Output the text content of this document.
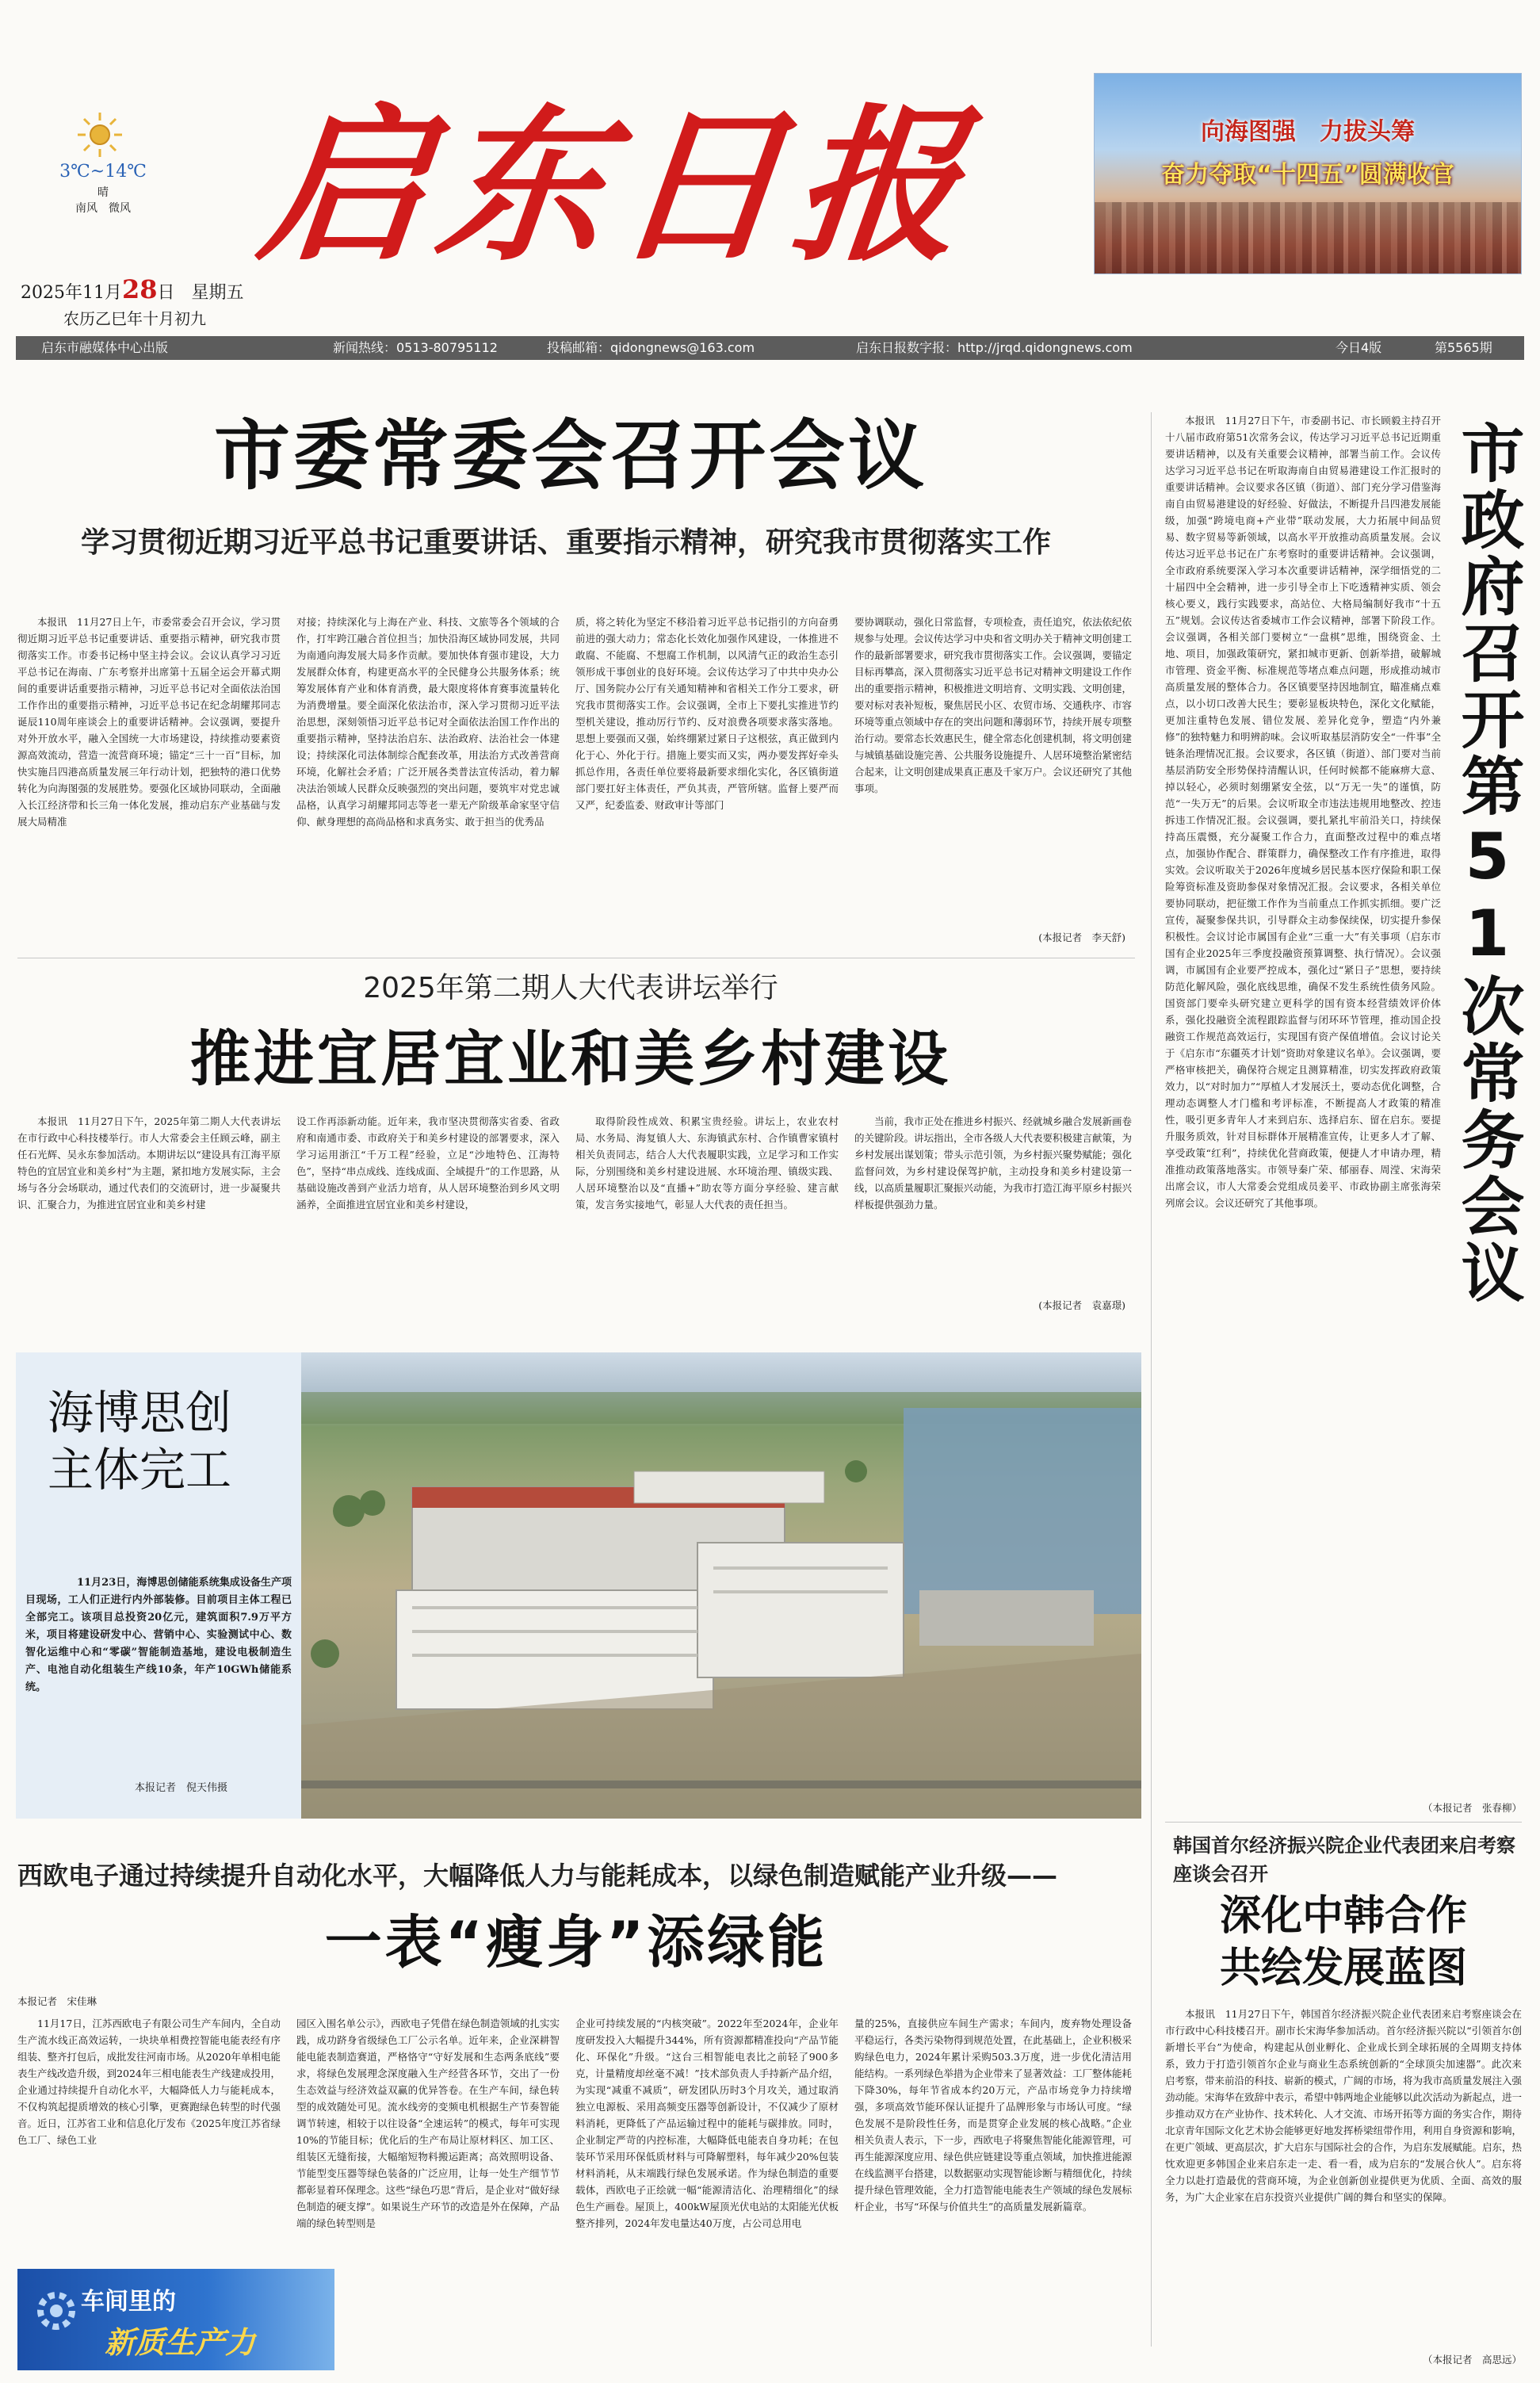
3℃~14℃
晴
南风　微风 启东日报
2025年11月28日 星期五
农历乙巳年十月初九
向海图强　力拔头筹
奋力夺取“十四五”圆满收官
启东市融媒体中心出版	新闻热线：0513-80795112	投稿邮箱：qidongnews@163.com	启东日报数字报：http://jrqd.qidongnews.com	今日4版	第5565期
市委常委会召开会议
学习贯彻近期习近平总书记重要讲话、重要指示精神，研究我市贯彻落实工作

本报讯　11月27日上午，市委常委会召开会议，学习贯彻近期习近平总书记重要讲话、重要指示精神，研究我市贯彻落实工作。市委书记杨中坚主持会议。会议认真学习习近平总书记在海南、广东考察并出席第十五届全运会开幕式期间的重要讲话重要指示精神，习近平总书记对全面依法治国工作作出的重要指示精神，习近平总书记在纪念胡耀邦同志诞辰110周年座谈会上的重要讲话精神。会议强调，要提升对外开放水平，融入全国统一大市场建设，持续推动要素资源高效流动，营造一流营商环境；锚定“三十一百”目标，加快实施吕四港高质量发展三年行动计划，把独特的港口优势转化为向海图强的发展胜势。要强化区域协同联动，全面融入长江经济带和长三角一体化发展，推动启东产业基础与发展大局精准

对接；持续深化与上海在产业、科技、文旅等各个领域的合作，打牢跨江融合首位担当；加快沿海区域协同发展，共同为南通向海发展大局多作贡献。要加快体育强市建设，大力发展群众体育，构建更高水平的全民健身公共服务体系；统筹发展体育产业和体育消费，最大限度将体育赛事流量转化为消费增量。要全面深化依法治市，深入学习贯彻习近平法治思想，深刻领悟习近平总书记对全面依法治国工作作出的重要指示精神，坚持法治启东、法治政府、法治社会一体建设；持续深化司法体制综合配套改革，用法治方式改善营商环境，化解社会矛盾；广泛开展各类普法宣传活动，着力解决法治领域人民群众反映强烈的突出问题，要筑牢对党忠诚品格，认真学习胡耀邦同志等老一辈无产阶级革命家坚守信仰、献身理想的高尚品格和求真务实、敢于担当的优秀品

质，将之转化为坚定不移沿着习近平总书记指引的方向奋勇前进的强大动力；常态化长效化加强作风建设，一体推进不敢腐、不能腐、不想腐工作机制，以风清气正的政治生态引领形成干事创业的良好环境。会议传达学习了中共中央办公厅、国务院办公厅有关通知精神和省相关工作分工要求，研究我市贯彻落实工作。会议强调，全市上下要扎实推进节约型机关建设，推动厉行节约、反对浪费各项要求落实落地。思想上要强而又强，始终绷紧过紧日子这根弦，真正做到内化于心、外化于行。措施上要实而又实，两办要发挥好牵头抓总作用，各责任单位要将最新要求细化实化，各区镇街道部门要扛好主体责任，严负其责，严管所辖。监督上要严而又严，纪委监委、财政审计等部门

要协调联动，强化日常监督，专项检查，责任追究，依法依纪依规参与处理。会议传达学习中央和省文明办关于精神文明创建工作的最新部署要求，研究我市贯彻落实工作。会议强调，要锚定目标再攀高，深入贯彻落实习近平总书记对精神文明建设工作作出的重要指示精神，积极推进文明培育、文明实践、文明创建，要对标对表补短板，聚焦居民小区、农贸市场、交通秩序、市容环境等重点领域中存在的突出问题和薄弱环节，持续开展专项整治行动。要常态长效惠民生，健全常态化创建机制，将文明创建与城镇基础设施完善、公共服务设施提升、人居环境整治紧密结合起来，让文明创建成果真正惠及千家万户。会议还研究了其他事项。

(本报记者　李天舒)
2025年第二期人大代表讲坛举行
推进宜居宜业和美乡村建设

本报讯　11月27日下午，2025年第二期人大代表讲坛在市行政中心科技楼举行。市人大常委会主任顾云峰，副主任石光辉、吴永东参加活动。本期讲坛以“建设具有江海平原特色的宜居宜业和美乡村”为主题，紧扣地方发展实际，主会场与各分会场联动，通过代表们的交流研讨，进一步凝聚共识、汇聚合力，为推进宜居宜业和美乡村建

设工作再添新动能。近年来，我市坚决贯彻落实省委、省政府和南通市委、市政府关于和美乡村建设的部署要求，深入学习运用浙江“千万工程”经验，立足“沙地特色、江海特色”，坚持“串点成线、连线成面、全域提升”的工作思路，从基础设施改善到产业活力培育，从人居环境整治到乡风文明涵养，全面推进宜居宜业和美乡村建设，

取得阶段性成效、积累宝贵经验。讲坛上，农业农村局、水务局、海复镇人大、东海镇武东村、合作镇曹家镇村相关负责同志，结合人大代表履职实践，立足学习和工作实际，分别围绕和美乡村建设进展、水环境治理、镇级实践、人居环境整治以及“直播+”助农等方面分享经验、建言献策，发言务实接地气，彰显人大代表的责任担当。

当前，我市正处在推进乡村振兴、经就城乡融合发展新画卷的关键阶段。讲坛指出，全市各级人大代表要积极建言献策，为乡村发展出谋划策；带头示范引领，为乡村振兴聚势赋能；强化监督问效，为乡村建设保驾护航，主动投身和美乡村建设第一线，以高质量履职汇聚振兴动能，为我市打造江海平原乡村振兴样板提供强劲力量。

(本报记者　袁嘉璟)
海博思创
主体完工
11月23日，海博思创储能系统集成设备生产项目现场，工人们正进行内外部装修。目前项目主体工程已全部完工。该项目总投资20亿元，建筑面积7.9万平方米，项目将建设研发中心、营销中心、实验测试中心、数智化运维中心和“零碳”智能制造基地，建设电极制造生产、电池自动化组装生产线10条，年产10GWh储能系统。
本报记者　倪天伟摄
西欧电子通过持续提升自动化水平，大幅降低人力与能耗成本，以绿色制造赋能产业升级——
一表“瘦身”添绿能
本报记者　宋佳琳

11月17日，江苏西欧电子有限公司生产车间内，全自动生产流水线正高效运转，一块块单相费控智能电能表经有序组装、整齐打包后，成批发往河南市场。从2020年单相电能表生产线改造升级，到2024年三相电能表生产线建成投用，企业通过持续提升自动化水平，大幅降低人力与能耗成本，不仅构筑起提质增效的核心引擎，更赛跑绿色转型的时代强音。近日，江苏省工业和信息化厅发布《2025年度江苏省绿色工厂、绿色工业

园区入围名单公示》，西欧电子凭借在绿色制造领域的扎实实践，成功跻身省级绿色工厂公示名单。近年来，企业深耕智能电能表制造赛道，严格恪守“守好发展和生态两条底线”要求，将绿色发展理念深度融入生产经营各环节，交出了一份生态效益与经济效益双赢的优异答卷。在生产车间，绿色转型的成效随处可见。流水线旁的变频电机根据生产节奏智能调节转速，相较于以往设备“全速运转”的模式，每年可实现10%的节能目标；优化后的生产布局让原材料区、加工区、组装区无缝衔接，大幅缩短物料搬运距离；高效照明设备、节能型变压器等绿色装备的广泛应用，让每一处生产细节节都彰显着环保理念。这些“绿色巧思”背后，是企业对“做好绿色制造的硬支撑”。如果说生产环节的改造是外在保障，产品端的绿色转型则是

企业可持续发展的“内核突破”。2022年至2024年，企业年度研发投入大幅提升344%，所有资源都精准投向“产品节能化、环保化”升级。“这台三相智能电表比之前轻了900多克，计量精度却丝毫不减！”技术部负责人手持新产品介绍，为实现“减重不减质”，研发团队历时3个月攻关，通过取消独立电源板、采用高频变压器等创新设计，不仅减少了原材料消耗，更降低了产品运输过程中的能耗与碳排放。同时，企业制定严苛的内控标准，大幅降低电能表自身功耗；在包装环节采用环保低质材料与可降解塑料，每年减少20%包装材料消耗，从末端践行绿色发展承诺。作为绿色制造的重要载体，西欧电子正绘就一幅“能源清洁化、治理精细化”的绿色生产画卷。屋顶上，400kW屋顶光伏电站的太阳能光伏板整齐排列，2024年发电量达40万度，占公司总用电

量的25%，直接供应车间生产需求；车间内，废弃物处理设备平稳运行，各类污染物得到规范处置，在此基础上，企业积极采购绿色电力，2024年累计采购503.3万度，进一步优化清洁用能结构。一系列绿色举措为企业带来了显著效益：工厂整体能耗下降30%，每年节省成本约20万元，产品市场竞争力持续增强，多项高效节能环保认证提升了品牌形象与市场认可度。“绿色发展不是阶段性任务，而是贯穿企业发展的核心战略。”企业相关负责人表示，下一步，西欧电子将聚焦智能化能源管理，可再生能源深度应用、绿色供应链建设等重点领域，加快推进能源在线监测平台搭建，以数据驱动实现智能诊断与精细优化，持续提升绿色管理效能，全力打造智能电能表生产领域的绿色发展标杆企业，书写“环保与价值共生”的高质量发展新篇章。

车间里的
新质生产力

本报讯　11月27日下午，市委副书记、市长顾毅主持召开十八届市政府第51次常务会议，传达学习习近平总书记近期重要讲话精神，以及有关重要会议精神，部署当前工作。会议传达学习习近平总书记在听取海南自由贸易港建设工作汇报时的重要讲话精神。会议要求各区镇（街道）、部门充分学习借鉴海南自由贸易港建设的好经验、好做法，不断提升吕四港发展能级，加强“跨境电商+产业带”联动发展，大力拓展中间品贸易、数字贸易等新领域，以高水平开放推动高质量发展。会议传达习近平总书记在广东考察时的重要讲话精神。会议强调，全市政府系统要深入学习本次重要讲话精神，深学细悟党的二十届四中全会精神，进一步引导全市上下吃透精神实质、领会核心要义，践行实践要求，高站位、大格局编制好我市“十五五”规划。会议传达省委城市工作会议精神，部署下阶段工作。会议强调，各相关部门要树立“一盘棋”思维，围绕资金、土地、项目，加强政策研究，紧扣城市更新、创新举措，破解城市管理、资金平衡、标准规范等堵点难点问题，形成推动城市高质量发展的整体合力。各区镇要坚持因地制宜，瞄准痛点难点，以小切口改善大民生；要彰显板块特色，深化文化赋能，更加注重特色发展、错位发展、差异化竞争，塑造“内外兼修”的独特魅力和明辨韵味。会议听取基层消防安全“一件事”全链条治理情况汇报。会议要求，各区镇（街道）、部门要对当前基层消防安全形势保持清醒认识，任何时候都不能麻痹大意、掉以轻心，必须时刻绷紧安全弦，以“万无一失”的谨慎，防范“一失万无”的后果。会议听取全市违法违规用地整改、控违拆违工作情况汇报。会议强调，要扎紧扎牢前沿关口，持续保持高压震慑，充分凝聚工作合力，直面整改过程中的难点堵点，加强协作配合、群策群力，确保整改工作有序推进，取得实效。会议听取关于2026年度城乡居民基本医疗保险和职工保险筹资标准及资助参保对象情况汇报。会议要求，各相关单位要协同联动，把征缴工作作为当前重点工作抓实抓细。要广泛宣传，凝聚参保共识，引导群众主动参保续保，切实提升参保积极性。会议讨论市属国有企业“三重一大”有关事项（启东市国有企业2025年三季度投融资预算调整、执行情况）。会议强调，市属国有企业要严控成本，强化过“紧日子”思想，要持续防范化解风险，强化底线思维，确保不发生系统性债务风险。国资部门要牵头研究建立更科学的国有资本经营绩效评价体系，强化投融资全流程跟踪监督与闭环环节管理，推动国企投融资工作规范高效运行，实现国有资产保值增值。会议讨论关于《启东市“东疆英才计划”资助对象建议名单》。会议强调，要严格审核把关，确保符合规定且测算精准，切实发挥政府政策效力，以“对时加力”“厚植人才发展沃土，要动态优化调整，合理动态调整人才门槛和考评标准，不断提高人才政策的精准性，吸引更多青年人才来到启东、选择启东、留在启东。要提升服务质效，针对目标群体开展精准宣传，让更多人才了解、享受政策“红利”，持续优化营商政策，便捷人才申请办理，精准推动政策落地落实。市领导秦广荣、郁丽春、周滢、宋海荣出席会议，市人大常委会党组成员姜平、市政协副主席张海荣列席会议。会议还研究了其他事项。	市政府召开第51次常务会议
（本报记者　张春柳）
韩国首尔经济振兴院企业代表团来启考察座谈会召开
深化中韩合作
共绘发展蓝图

本报讯　11月27日下午，韩国首尔经济振兴院企业代表团来启考察座谈会在市行政中心科技楼召开。副市长宋海华参加活动。首尔经济振兴院以“引领首尔创新增长平台”为使命，构建起从创业孵化、企业成长到全球拓展的全周期支持体系，致力于打造引领首尔企业与商业生态系统创新的“全球顶尖加速器”。此次来启考察，带来前沿的科技、崭新的模式，广阔的市场，将为我市高质量发展注入强劲动能。宋海华在致辞中表示，希望中韩两地企业能够以此次活动为新起点，进一步推动双方在产业协作、技术转化、人才交流、市场开拓等方面的务实合作，期待北京青年国际文化艺术协会能够更好地发挥桥梁纽带作用，利用自身资源和影响，在更广领域、更高层次，扩大启东与国际社会的合作，为启东发展赋能。启东，热忱欢迎更多韩国企业来启东走一走、看一看，成为启东的“发展合伙人”。启东将全力以赴打造最优的营商环境，为企业创新创业提供更为优质、全面、高效的服务，为广大企业家在启东投资兴业提供广阔的舞台和坚实的保障。

（本报记者　高思远）
